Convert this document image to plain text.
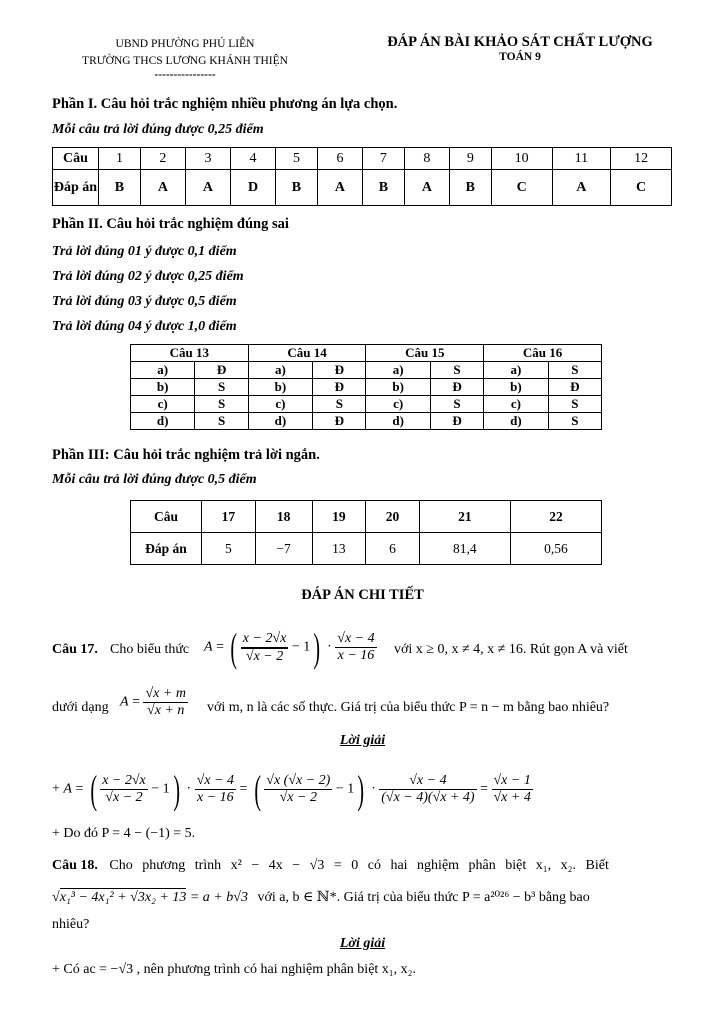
UBND PHƯỜNG PHÚ LIỄN
TRƯỜNG THCS LƯƠNG KHÁNH THIỆN
----------------
ĐÁP ÁN BÀI KHẢO SÁT CHẤT LƯỢNG
TOÁN 9
Phần I. Câu hỏi trắc nghiệm nhiều phương án lựa chọn.
Mỗi câu trả lời đúng được 0,25 điểm
Câu	1	2	3	4	5	6	7	8	9	10	11	12
Đáp án	B	A	A	D	B	A	B	A	B	C	A	C
Phần II. Câu hỏi trắc nghiệm đúng sai
Trả lời đúng 01 ý được 0,1 điểm
Trả lời đúng 02 ý được 0,25 điểm
Trả lời đúng 03 ý được 0,5 điểm
Trả lời đúng 04 ý được 1,0 điểm
Câu 13		Câu 14		Câu 15		Câu 16	
a)	Đ	a)	Đ	a)	S	a)	S
b)	S	b)	Đ	b)	Đ	b)	Đ
c)	S	c)	S	c)	S	c)	S
d)	S	d)	Đ	d)	Đ	d)	S
Phần III: Câu hỏi trắc nghiệm trả lời ngắn.
Mỗi câu trả lời đúng được 0,5 điểm
Câu	17	18	19	20	21	22
Đáp án	5	−7	13	6	81,4	0,56
ĐÁP ÁN CHI TIẾT
Câu 17. Cho biểu thức A = ( $\frac{x - 2√x}{√x - 2} - 1) \cdot \frac{√x - 4}{x - 16}$ với x ≥ 0, x ≠ 4, x ≠ 16. Rút gọn A và viết
dưới dạng $A = \frac{√x + m}{√x + n}$ với m, n là các số thực. Giá trị của biểu thức P = n − m bằng bao nhiêu?
Lời giải
+ A = ( $\frac{x - 2√x}{√x - 2} - 1) \cdot \frac{√x - 4}{x - 16}$ = ( $\frac{√x (√x - 2)}{√x - 2} - 1) \cdot \frac{√x - 4}{(√x - 4)(√x + 4)} = \frac{√x - 1}{√x + 4}$
+ Do đó P = 4 − (−1) = 5.
Câu 18. Cho phương trình x² − 4x − √3 = 0 có hai nghiệm phân biệt x₁, x₂. Biết
√x₁³ − 4x₁² + √3x₂ + 13 = a + b√3 với a, b ∈ ℕ*. Giá trị của biểu thức P = a²⁰²⁶ − b³ bằng bao
nhiêu?
Lời giải
+ Có ac = −√3 , nên phương trình có hai nghiệm phân biệt x₁, x₂.
